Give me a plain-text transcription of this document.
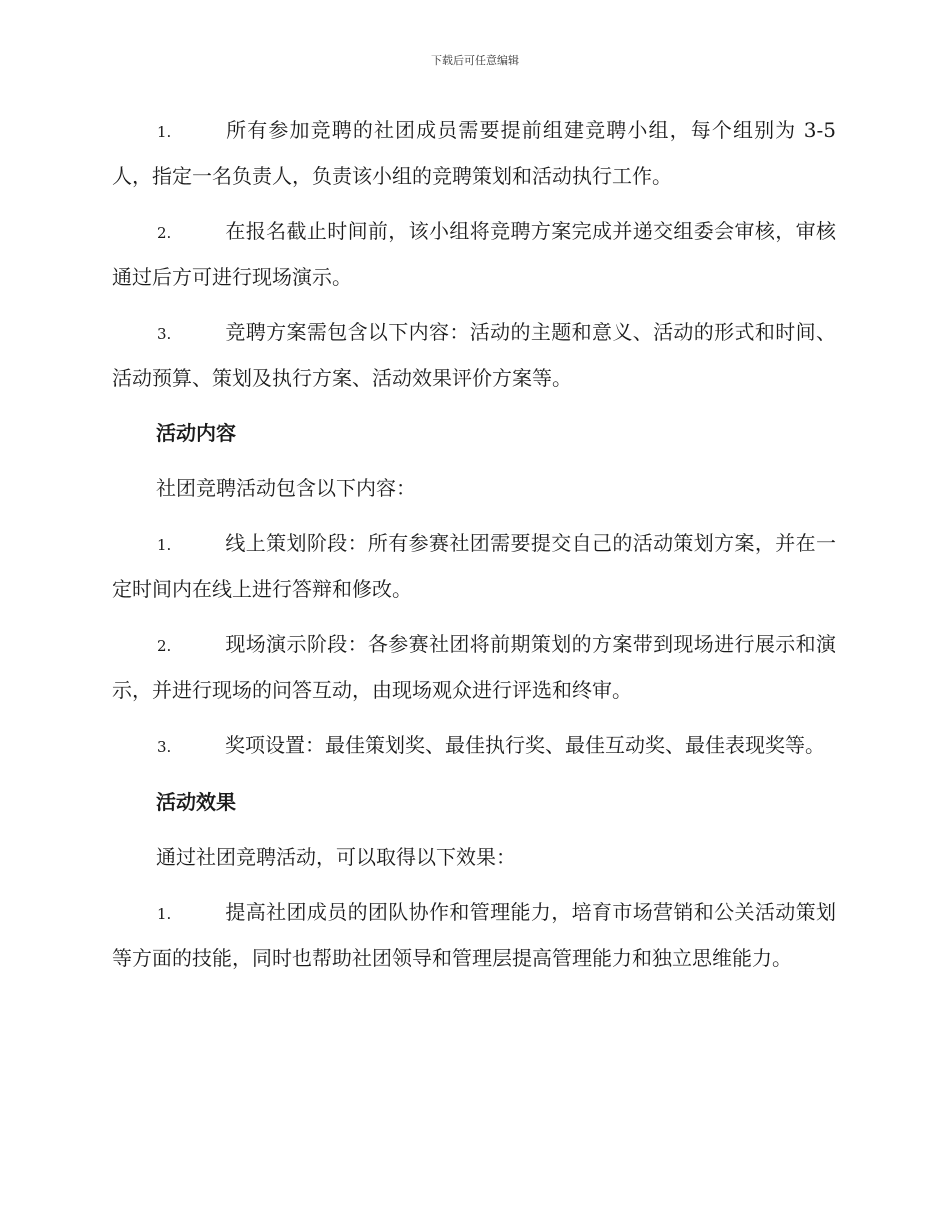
下载后可任意编辑

1.	所有参加竞聘的社团成员需要提前组建竞聘小组，每个组别为 3-5 人，指定一名负责人，负责该小组的竞聘策划和活动执行工作。

2.	在报名截止时间前，该小组将竞聘方案完成并递交组委会审核，审核通过后方可进行现场演示。

3.	竞聘方案需包含以下内容：活动的主题和意义、活动的形式和时间、活动预算、策划及执行方案、活动效果评价方案等。

活动内容

社团竞聘活动包含以下内容：

1.	线上策划阶段：所有参赛社团需要提交自己的活动策划方案，并在一定时间内在线上进行答辩和修改。

2.	现场演示阶段：各参赛社团将前期策划的方案带到现场进行展示和演示，并进行现场的问答互动，由现场观众进行评选和终审。

3.	奖项设置：最佳策划奖、最佳执行奖、最佳互动奖、最佳表现奖等。

活动效果

通过社团竞聘活动，可以取得以下效果：

1.	提高社团成员的团队协作和管理能力，培育市场营销和公关活动策划等方面的技能，同时也帮助社团领导和管理层提高管理能力和独立思维能力。
